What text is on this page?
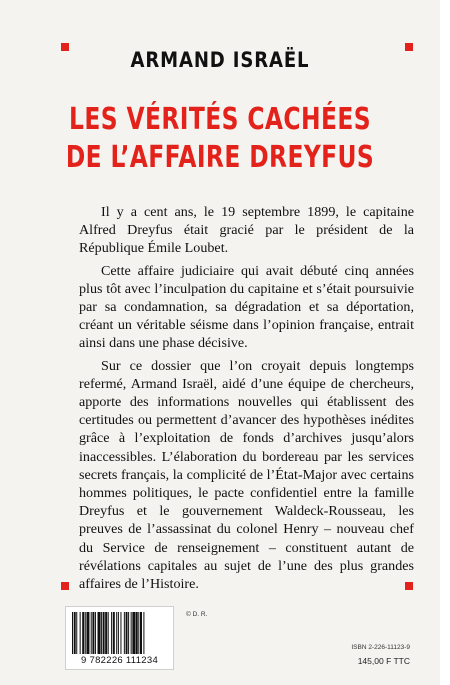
ARMAND ISRAËL
LES VÉRITÉS CACHÉES
DE L’AFFAIRE DREYFUS

Il y a cent ans, le 19 septembre 1899, le capitaine Alfred Dreyfus était gracié par le président de la République Émile Loubet.

Cette affaire judiciaire qui avait débuté cinq années plus tôt avec l’inculpation du capitaine et s’était poursuivie par sa condamnation, sa dégradation et sa déportation, créant un véritable séisme dans l’opinion française, entrait ainsi dans une phase décisive.

Sur ce dossier que l’on croyait depuis longtemps refermé, Armand Israël, aidé d’une équipe de chercheurs, apporte des informations nouvelles qui établissent des certitudes ou permettent d’avancer des hypothèses inédites grâce à l’exploitation de fonds d’archives jusqu’alors inaccessibles. L’élaboration du bordereau par les services secrets français, la complicité de l’État-Major avec certains hommes politiques, le pacte confidentiel entre la famille Dreyfus et le gouvernement Waldeck-Rousseau, les preuves de l’assassinat du colonel Henry – nouveau chef du Service de renseignement – constituent autant de révélations capitales au sujet de l’une des plus grandes affaires de l’Histoire.

9 782226 111234
© D. R.
ISBN 2-226-11123-9
145,00 F TTC
